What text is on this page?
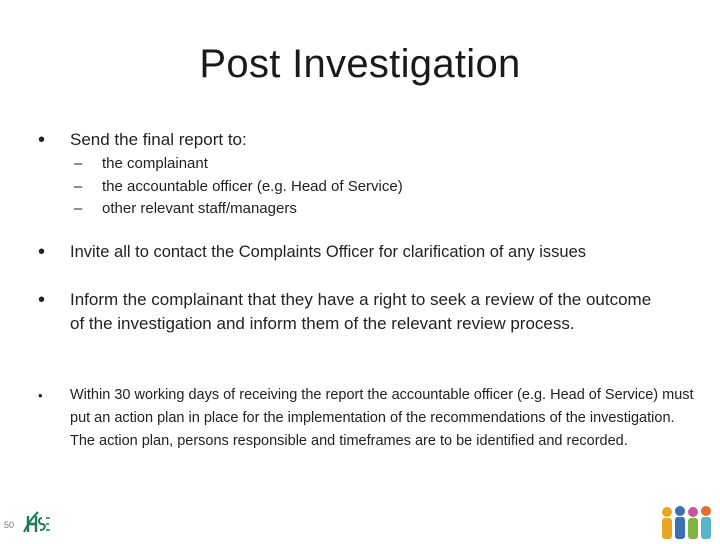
Post Investigation
•	Send the final report to:
–	the complainant
–	the accountable officer (e.g. Head of Service)
–	other relevant staff/managers
•	Invite all to contact the Complaints Officer for clarification of any issues
•	Inform the complainant that they have a right to seek a review of the outcome of the investigation and inform them of the relevant review process.
•	Within 30 working days of receiving the report the accountable officer (e.g. Head of Service) must put an action plan in place for the implementation of the recommendations of the investigation. The action plan, persons responsible and timeframes are to be identified and recorded.
50
